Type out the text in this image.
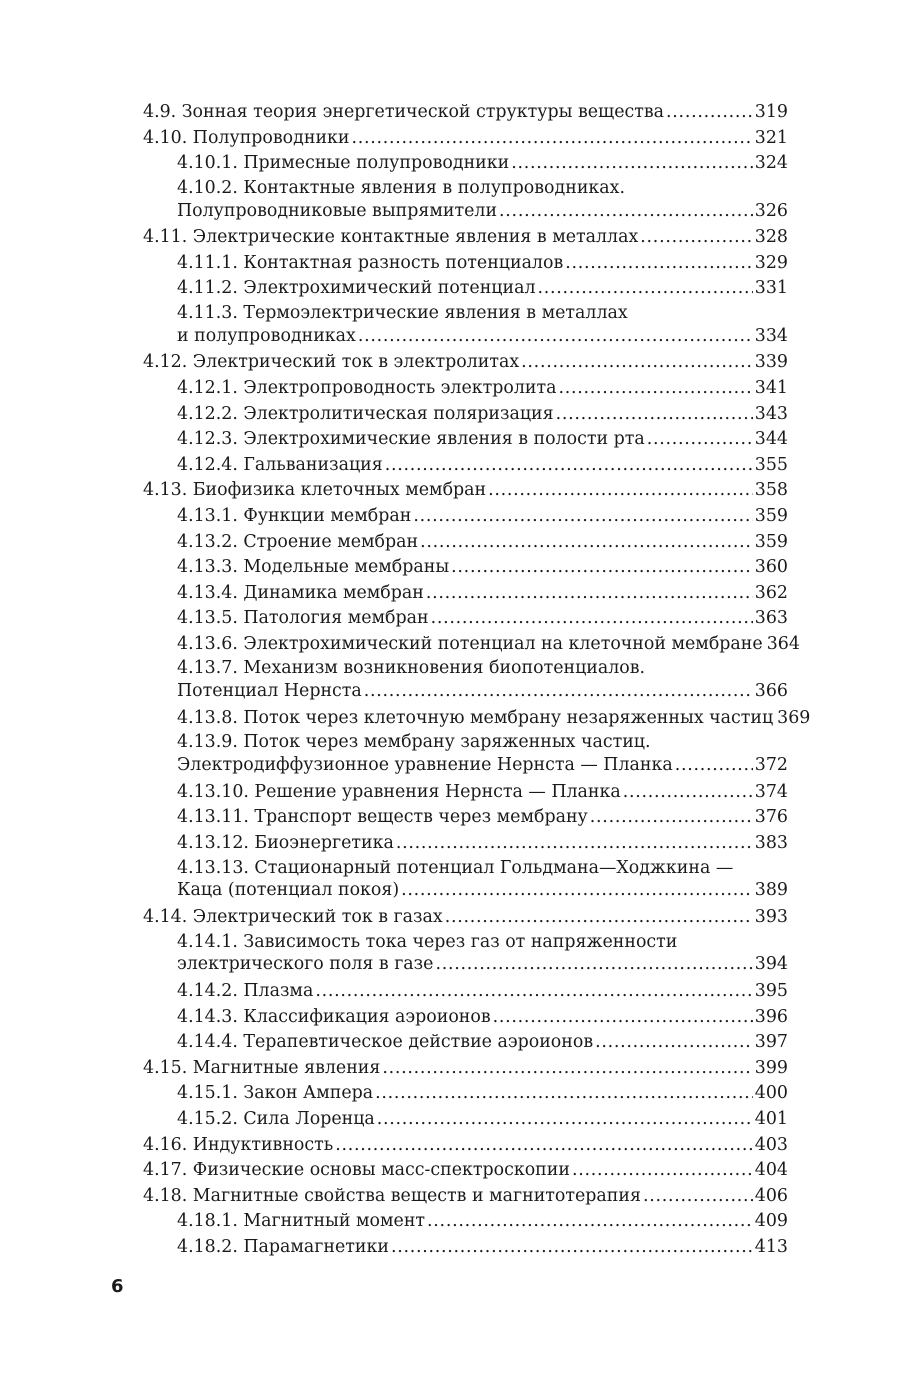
4.9. Зонная теория энергетической структуры вещества . . .	319
4.10. Полупроводники . . .	321
4.10.1. Примесные полупроводники . . .	324
4.10.2. Контактные явления в полупроводниках.
Полупроводниковые выпрямители . . .	326
4.11. Электрические контактные явления в металлах . . .	328
4.11.1. Контактная разность потенциалов . . .	329
4.11.2. Электрохимический потенциал . . .	331
4.11.3. Термоэлектрические явления в металлах
и полупроводниках . . .	334
4.12. Электрический ток в электролитах . . .	339
4.12.1. Электропроводность электролита . . .	341
4.12.2. Электролитическая поляризация . . .	343
4.12.3. Электрохимические явления в полости рта . . .	344
4.12.4. Гальванизация . . .	355
4.13. Биофизика клеточных мембран . . .	358
4.13.1. Функции мембран . . .	359
4.13.2. Строение мембран . . .	359
4.13.3. Модельные мембраны . . .	360
4.13.4. Динамика мембран . . .	362
4.13.5. Патология мембран . . .	363
4.13.6. Электрохимический потенциал на клеточной мембране 364
4.13.7. Механизм возникновения биопотенциалов.
Потенциал Нернста . . .	366
4.13.8. Поток через клеточную мембрану незаряженных частиц 369
4.13.9. Поток через мембрану заряженных частиц.
Электродиффузионное уравнение Нернста — Планка . . .	372
4.13.10. Решение уравнения Нернста — Планка . . .	374
4.13.11. Транспорт веществ через мембрану . . .	376
4.13.12. Биоэнергетика . . .	383
4.13.13. Стационарный потенциал Гольдмана—Ходжкина —
Каца (потенциал покоя) . . .	389
4.14. Электрический ток в газах . . .	393
4.14.1. Зависимость тока через газ от напряженности
электрического поля в газе . . .	394
4.14.2. Плазма . . .	395
4.14.3. Классификация аэроионов . . .	396
4.14.4. Терапевтическое действие аэроионов . . .	397
4.15. Магнитные явления . . .	399
4.15.1. Закон Ампера . . .	400
4.15.2. Сила Лоренца . . .	401
4.16. Индуктивность . . .	403
4.17. Физические основы масс-спектроскопии . . .	404
4.18. Магнитные свойства веществ и магнитотерапия . . .	406
4.18.1. Магнитный момент . . .	409
4.18.2. Парамагнетики . . .	413
6
